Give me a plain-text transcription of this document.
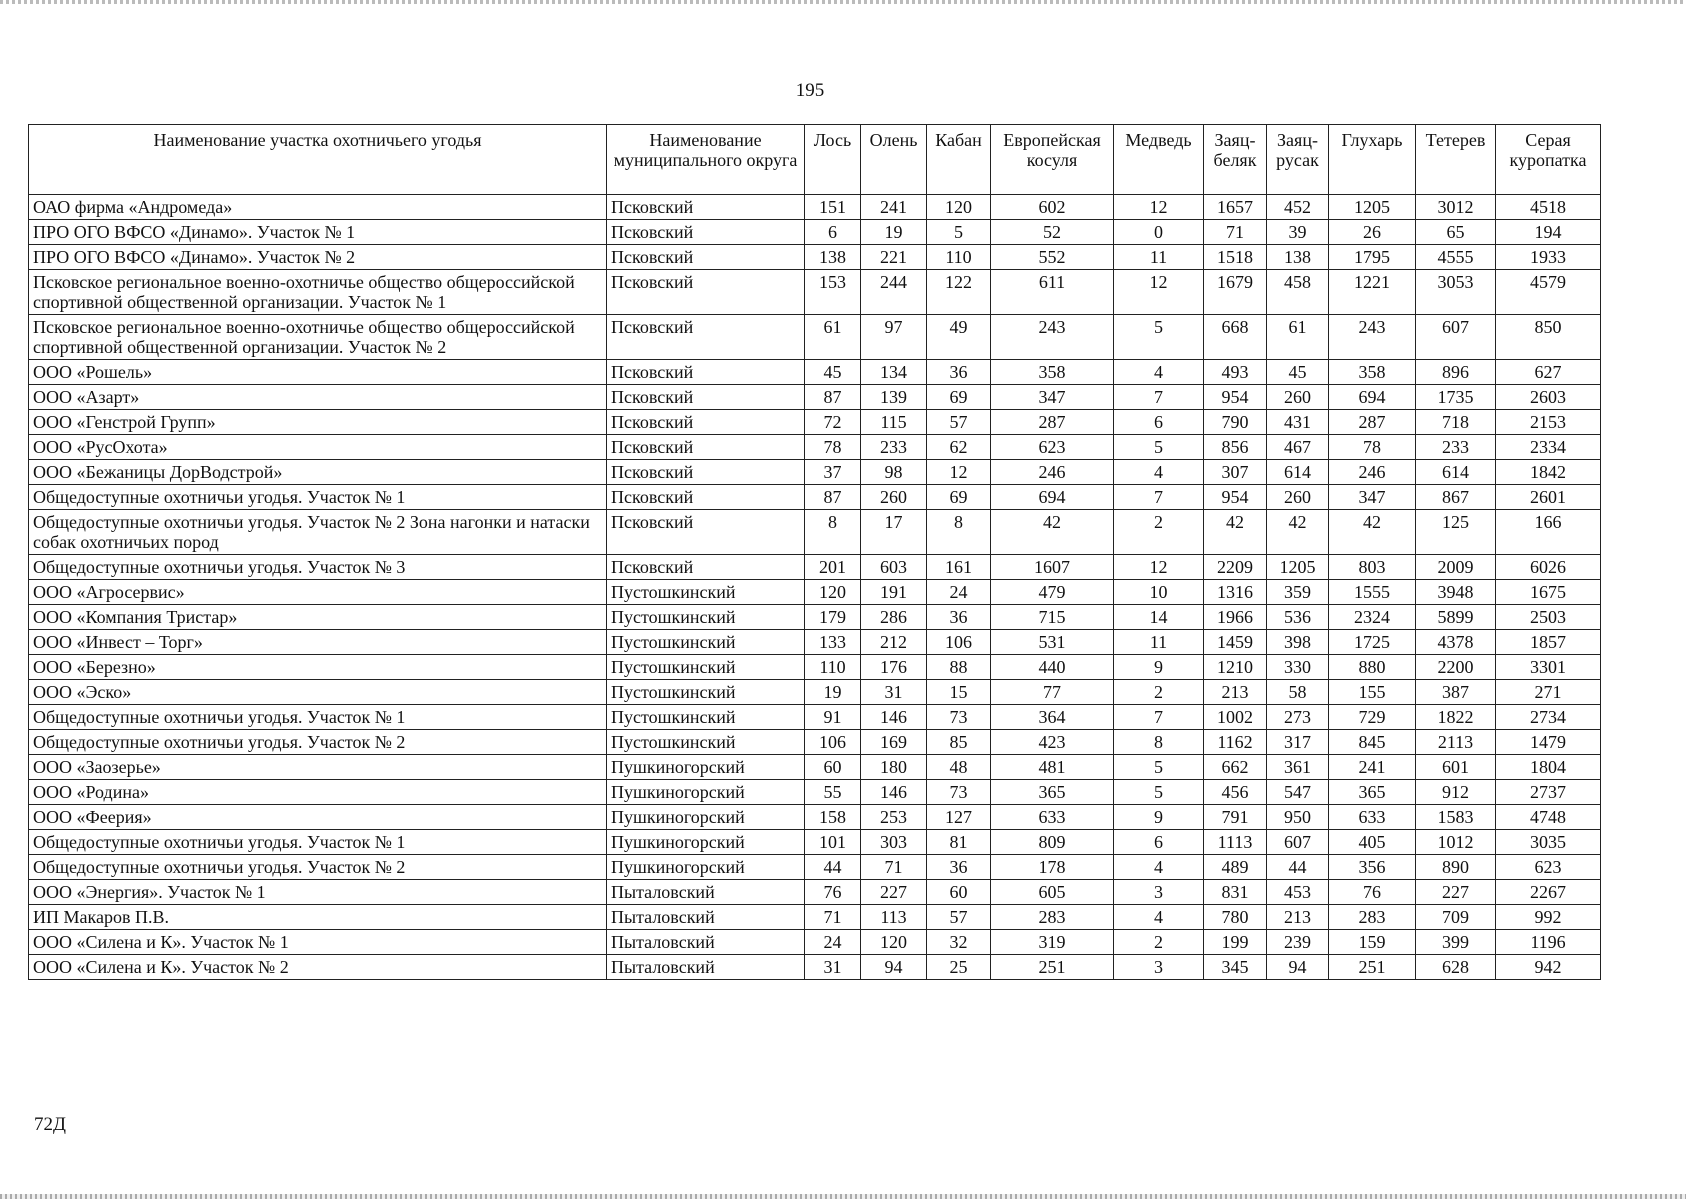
195
Наименование участка охотничьего угодья	Наименование муниципального округа	Лось	Олень	Кабан	Европейская косуля	Медведь	Заяц-беляк	Заяц-русак	Глухарь	Тетерев	Серая куропатка
ОАО фирма «Андромеда»	Псковский	151	241	120	602	12	1657	452	1205	3012	4518
ПРО ОГО ВФСО «Динамо». Участок № 1	Псковский	6	19	5	52	0	71	39	26	65	194
ПРО ОГО ВФСО «Динамо». Участок № 2	Псковский	138	221	110	552	11	1518	138	1795	4555	1933
Псковское региональное военно-охотничье общество общероссийской спортивной общественной организации. Участок № 1	Псковский	153	244	122	611	12	1679	458	1221	3053	4579
Псковское региональное военно-охотничье общество общероссийской спортивной общественной организации. Участок № 2	Псковский	61	97	49	243	5	668	61	243	607	850
ООО «Рошель»	Псковский	45	134	36	358	4	493	45	358	896	627
ООО «Азарт»	Псковский	87	139	69	347	7	954	260	694	1735	2603
ООО «Генстрой Групп»	Псковский	72	115	57	287	6	790	431	287	718	2153
ООО «РусОхота»	Псковский	78	233	62	623	5	856	467	78	233	2334
ООО «Бежаницы ДорВодстрой»	Псковский	37	98	12	246	4	307	614	246	614	1842
Общедоступные охотничьи угодья. Участок № 1	Псковский	87	260	69	694	7	954	260	347	867	2601
Общедоступные охотничьи угодья. Участок № 2 Зона нагонки и натаски собак охотничьих пород	Псковский	8	17	8	42	2	42	42	42	125	166
Общедоступные охотничьи угодья. Участок № 3	Псковский	201	603	161	1607	12	2209	1205	803	2009	6026
ООО «Агросервис»	Пустошкинский	120	191	24	479	10	1316	359	1555	3948	1675
ООО «Компания Тристар»	Пустошкинский	179	286	36	715	14	1966	536	2324	5899	2503
ООО «Инвест – Торг»	Пустошкинский	133	212	106	531	11	1459	398	1725	4378	1857
ООО «Березно»	Пустошкинский	110	176	88	440	9	1210	330	880	2200	3301
ООО «Эско»	Пустошкинский	19	31	15	77	2	213	58	155	387	271
Общедоступные охотничьи угодья. Участок № 1	Пустошкинский	91	146	73	364	7	1002	273	729	1822	2734
Общедоступные охотничьи угодья. Участок № 2	Пустошкинский	106	169	85	423	8	1162	317	845	2113	1479
ООО «Заозерье»	Пушкиногорский	60	180	48	481	5	662	361	241	601	1804
ООО «Родина»	Пушкиногорский	55	146	73	365	5	456	547	365	912	2737
ООО «Феерия»	Пушкиногорский	158	253	127	633	9	791	950	633	1583	4748
Общедоступные охотничьи угодья. Участок № 1	Пушкиногорский	101	303	81	809	6	1113	607	405	1012	3035
Общедоступные охотничьи угодья. Участок № 2	Пушкиногорский	44	71	36	178	4	489	44	356	890	623
ООО «Энергия». Участок № 1	Пыталовский	76	227	60	605	3	831	453	76	227	2267
ИП Макаров П.В.	Пыталовский	71	113	57	283	4	780	213	283	709	992
ООО «Силена и К». Участок № 1	Пыталовский	24	120	32	319	2	199	239	159	399	1196
ООО «Силена и К». Участок № 2	Пыталовский	31	94	25	251	3	345	94	251	628	942
72Д
